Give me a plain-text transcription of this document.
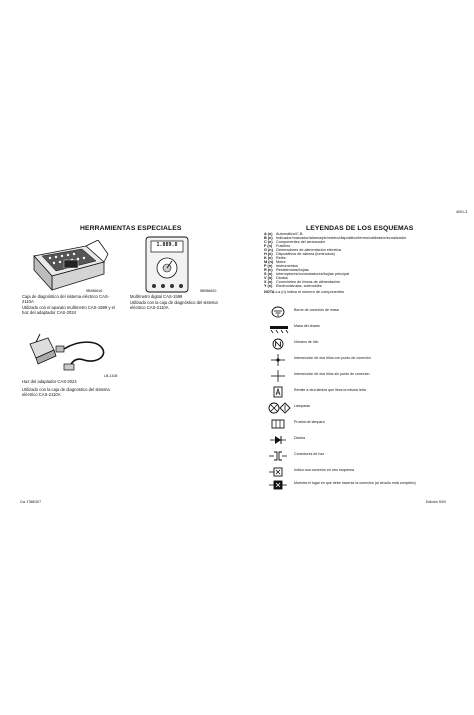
4001-3
Cw 1788/307	Edición 9/I/0
HERRAMIENTAS ESPECIALES
5B986616
Caja de diagnóstico del sistema eléctrico CAS-2110A
Utilizado con el aparato multímetro CAS-1599 y el haz del adaptador CAS-2024
1.889.8
5B986620
Multímetro digital CAS-1599
Utilizado con la caja de diagnóstico del sistema eléctrico CAS-2110A
LB-1108
Haz del adaptador CAS-2024
Utilizado con la caja de diagnóstico del sistema eléctrico CAS-2110A
LEYENDAS DE LOS ESQUEMAS
A (n) Automático/C.B.
B (n) Indicador/marcador/alarma/pirómetro/dispositivo/termo/calibrador/ecualizador
C (n) Componentes del arrancador
F (n) Fusibles
G (n) Generadores de alimentación eléctrica
H (n) Dispositivos de alarma (luminosos)
K (n) Relés
M (n) Motor
P (n) Instrumentos
R (n) Resistencias/bujías
S (n) Interruptores/conmutadores/bujías principal
V (n) Diodos
X (n) Conexiones de líneas de alimentación
Y (n) Electroválvulas, solenoides
NOTA:La (n) indica el número de componentes
Borne de conexión de masa
Masa del chasis
Número de hilo
Intersección de dos hilos con punto de conexión
Intersección de dos hilos sin punto de conexión
Remite a otra lámina que lleva la misma letra
Lámparas
Prueba de lámpara
Diodos
Conectores de haz
Indica una conexión en otro esquema
Muestra el lugar en que debe hacerse la conexión (al circuito está completo)
